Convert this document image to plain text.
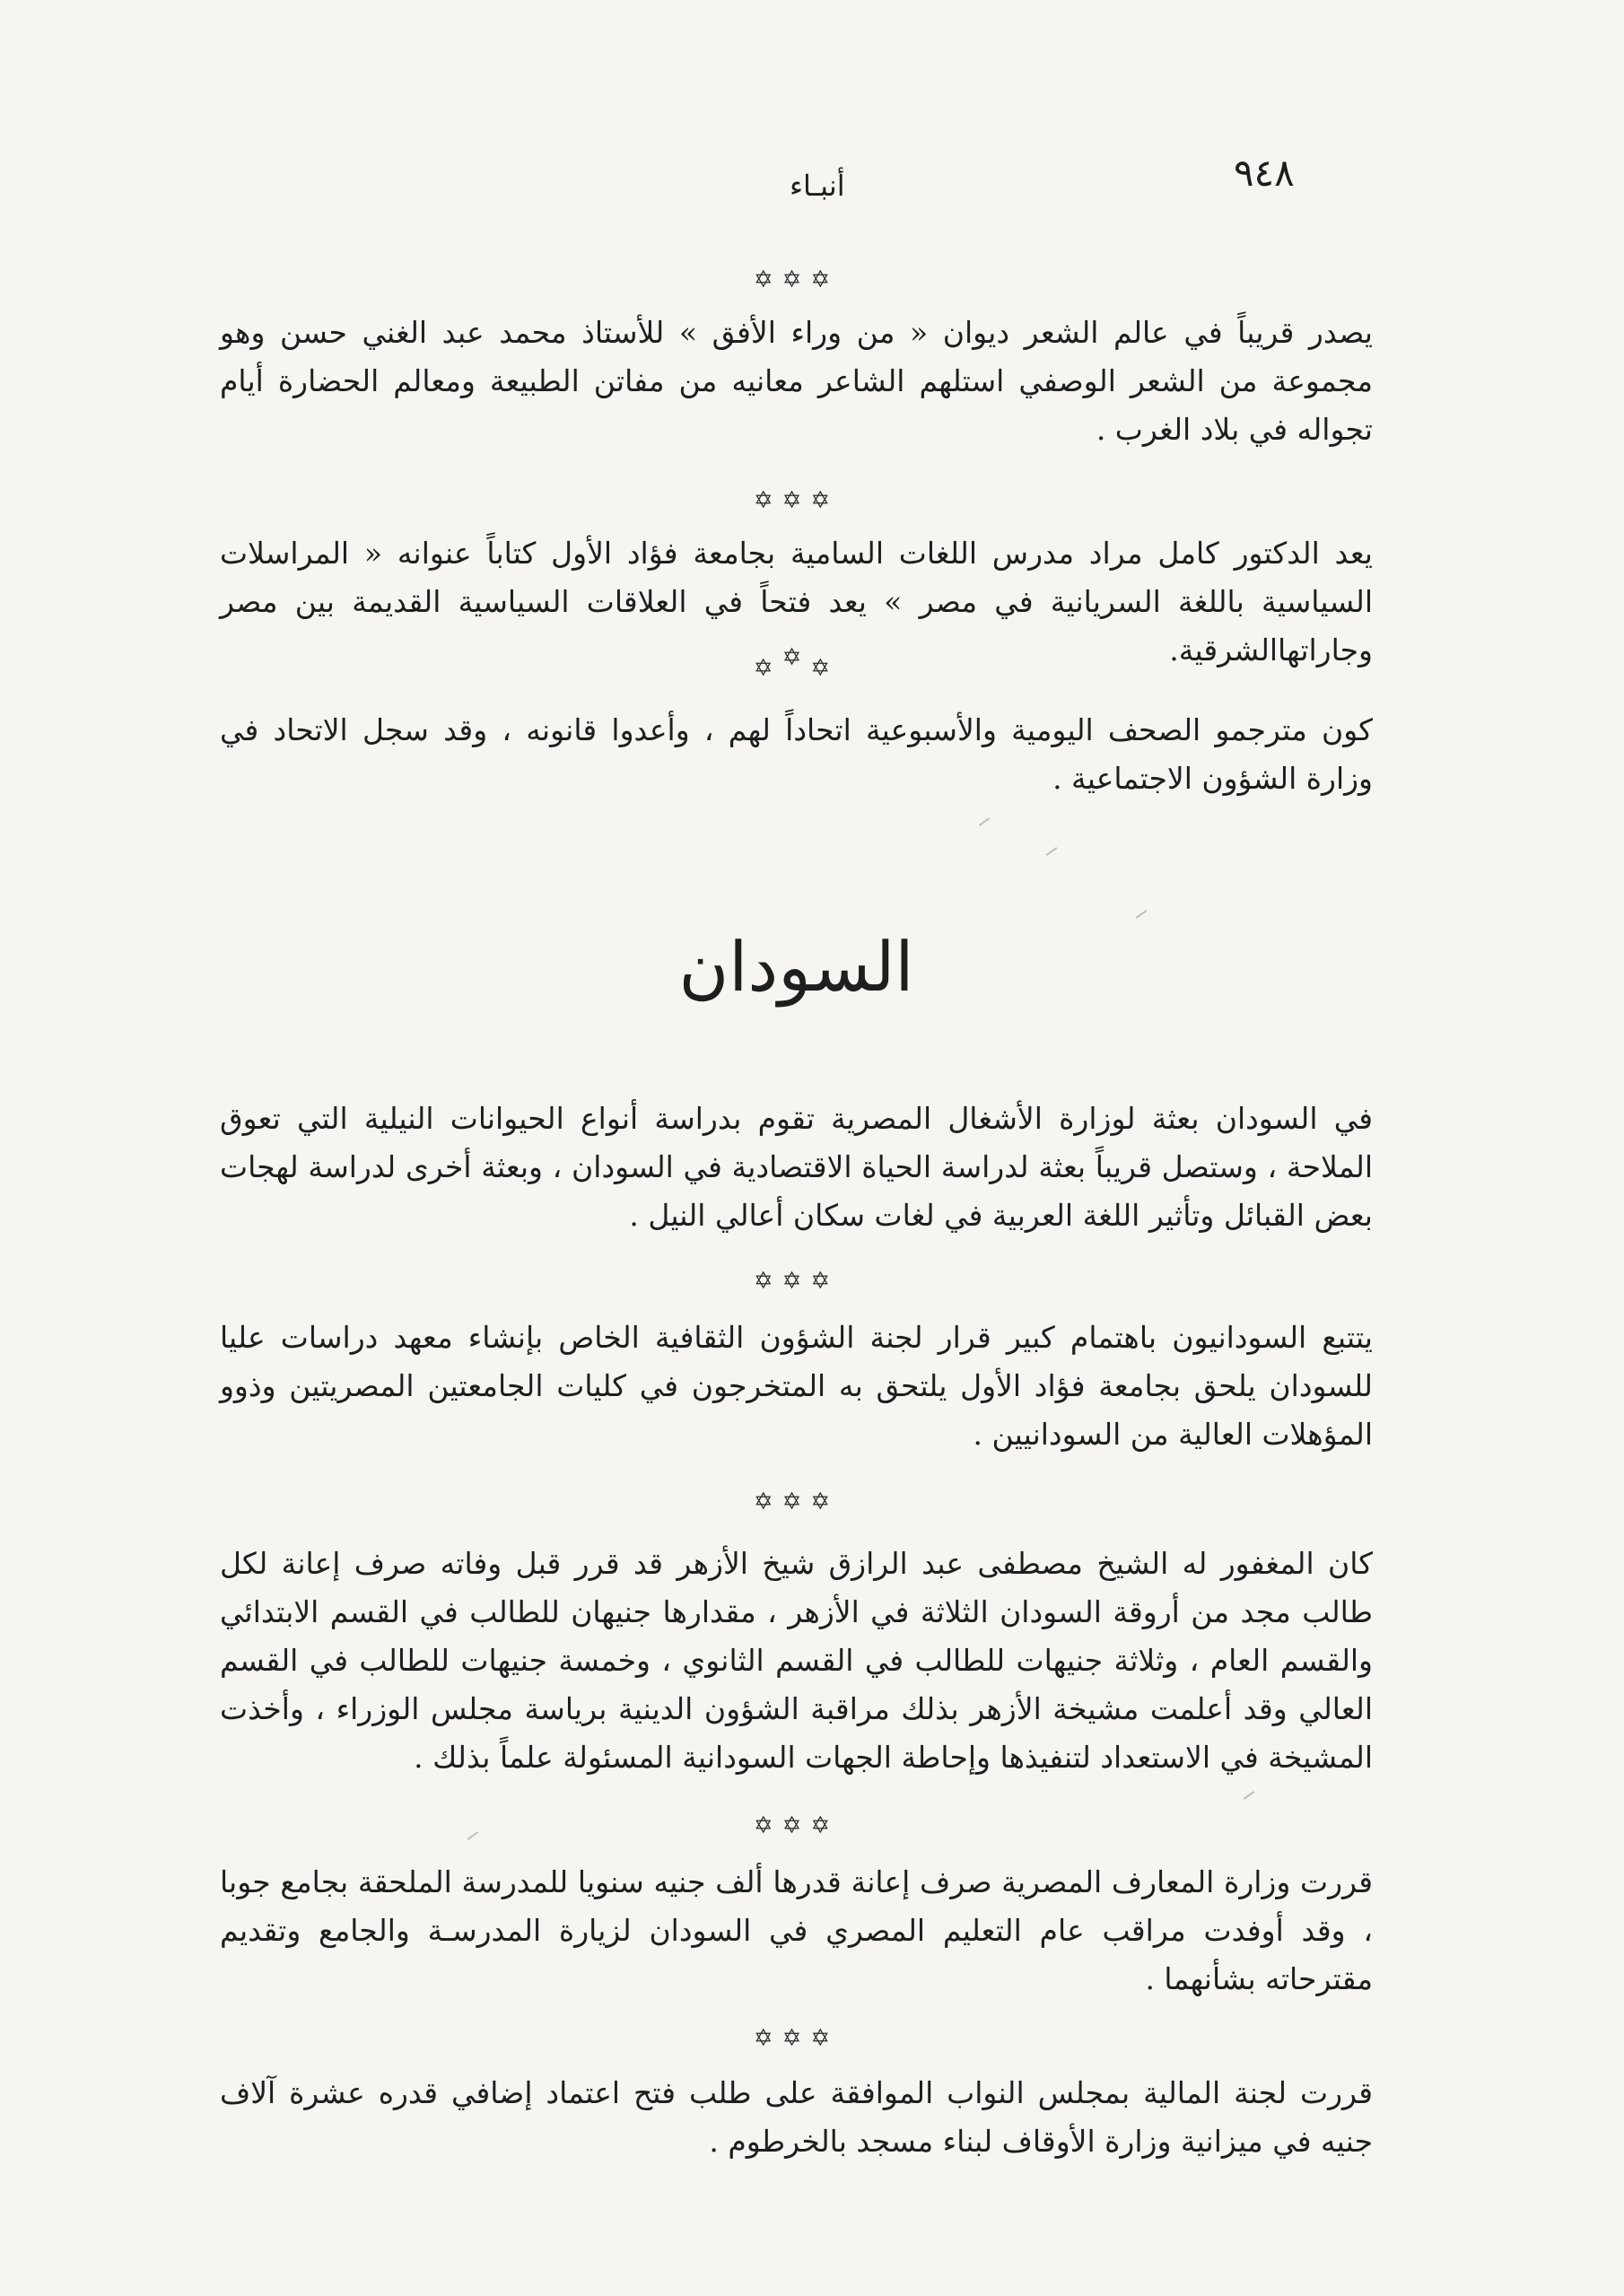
٩٤٨
أنبـاء
✡✡✡

يصدر قريباً في عالم الشعر ديوان « من وراء الأفق » للأستاذ محمد عبد الغني حسن وهو مجموعة من الشعر الوصفي استلهم الشاعر معانيه من مفاتن الطبيعة ومعالم الحضارة أيام تجواله في بلاد الغرب .

✡✡✡

يعد الدكتور كامل مراد مدرس اللغات السامية بجامعة فؤاد الأول كتاباً عنوانه « المراسلات السياسية باللغة السريانية في مصر » يعد فتحاً في العلاقات السياسية القديمة بين مصر وجاراتهاالشرقية.

✡✡✡

كون مترجمو الصحف اليومية والأسبوعية اتحاداً لهم ، وأعدوا قانونه ، وقد سجل الاتحاد في وزارة الشؤون الاجتماعية .

السودان

في السودان بعثة لوزارة الأشغال المصرية تقوم بدراسة أنواع الحيوانات النيلية التي تعوق الملاحة ، وستصل قريباً بعثة لدراسة الحياة الاقتصادية في السودان ، وبعثة أخرى لدراسة لهجات بعض القبائل وتأثير اللغة العربية في لغات سكان أعالي النيل .

✡✡✡

يتتبع السودانيون باهتمام كبير قرار لجنة الشؤون الثقافية الخاص بإنشاء معهد دراسات عليا للسودان يلحق بجامعة فؤاد الأول يلتحق به المتخرجون في كليات الجامعتين المصريتين وذوو المؤهلات العالية من السودانيين .

✡✡✡

كان المغفور له الشيخ مصطفى عبد الرازق شيخ الأزهر قد قرر قبل وفاته صرف إعانة لكل طالب مجد من أروقة السودان الثلاثة في الأزهر ، مقدارها جنيهان للطالب في القسم الابتدائي والقسم العام ، وثلاثة جنيهات للطالب في القسم الثانوي ، وخمسة جنيهات للطالب في القسم العالي وقد أعلمت مشيخة الأزهر بذلك مراقبة الشؤون الدينية برياسة مجلس الوزراء ، وأخذت المشيخة في الاستعداد لتنفيذها وإحاطة الجهات السودانية المسئولة علماً بذلك .

✡✡✡

قررت وزارة المعارف المصرية صرف إعانة قدرها ألف جنيه سنويا للمدرسة الملحقة بجامع جوبا ، وقد أوفدت مراقب عام التعليم المصري في السودان لزيارة المدرسـة والجامع وتقديم مقترحاته بشأنهما .

✡✡✡

قررت لجنة المالية بمجلس النواب الموافقة على طلب فتح اعتماد إضافي قدره عشرة آلاف جنيه في ميزانية وزارة الأوقاف لبناء مسجد بالخرطوم .
